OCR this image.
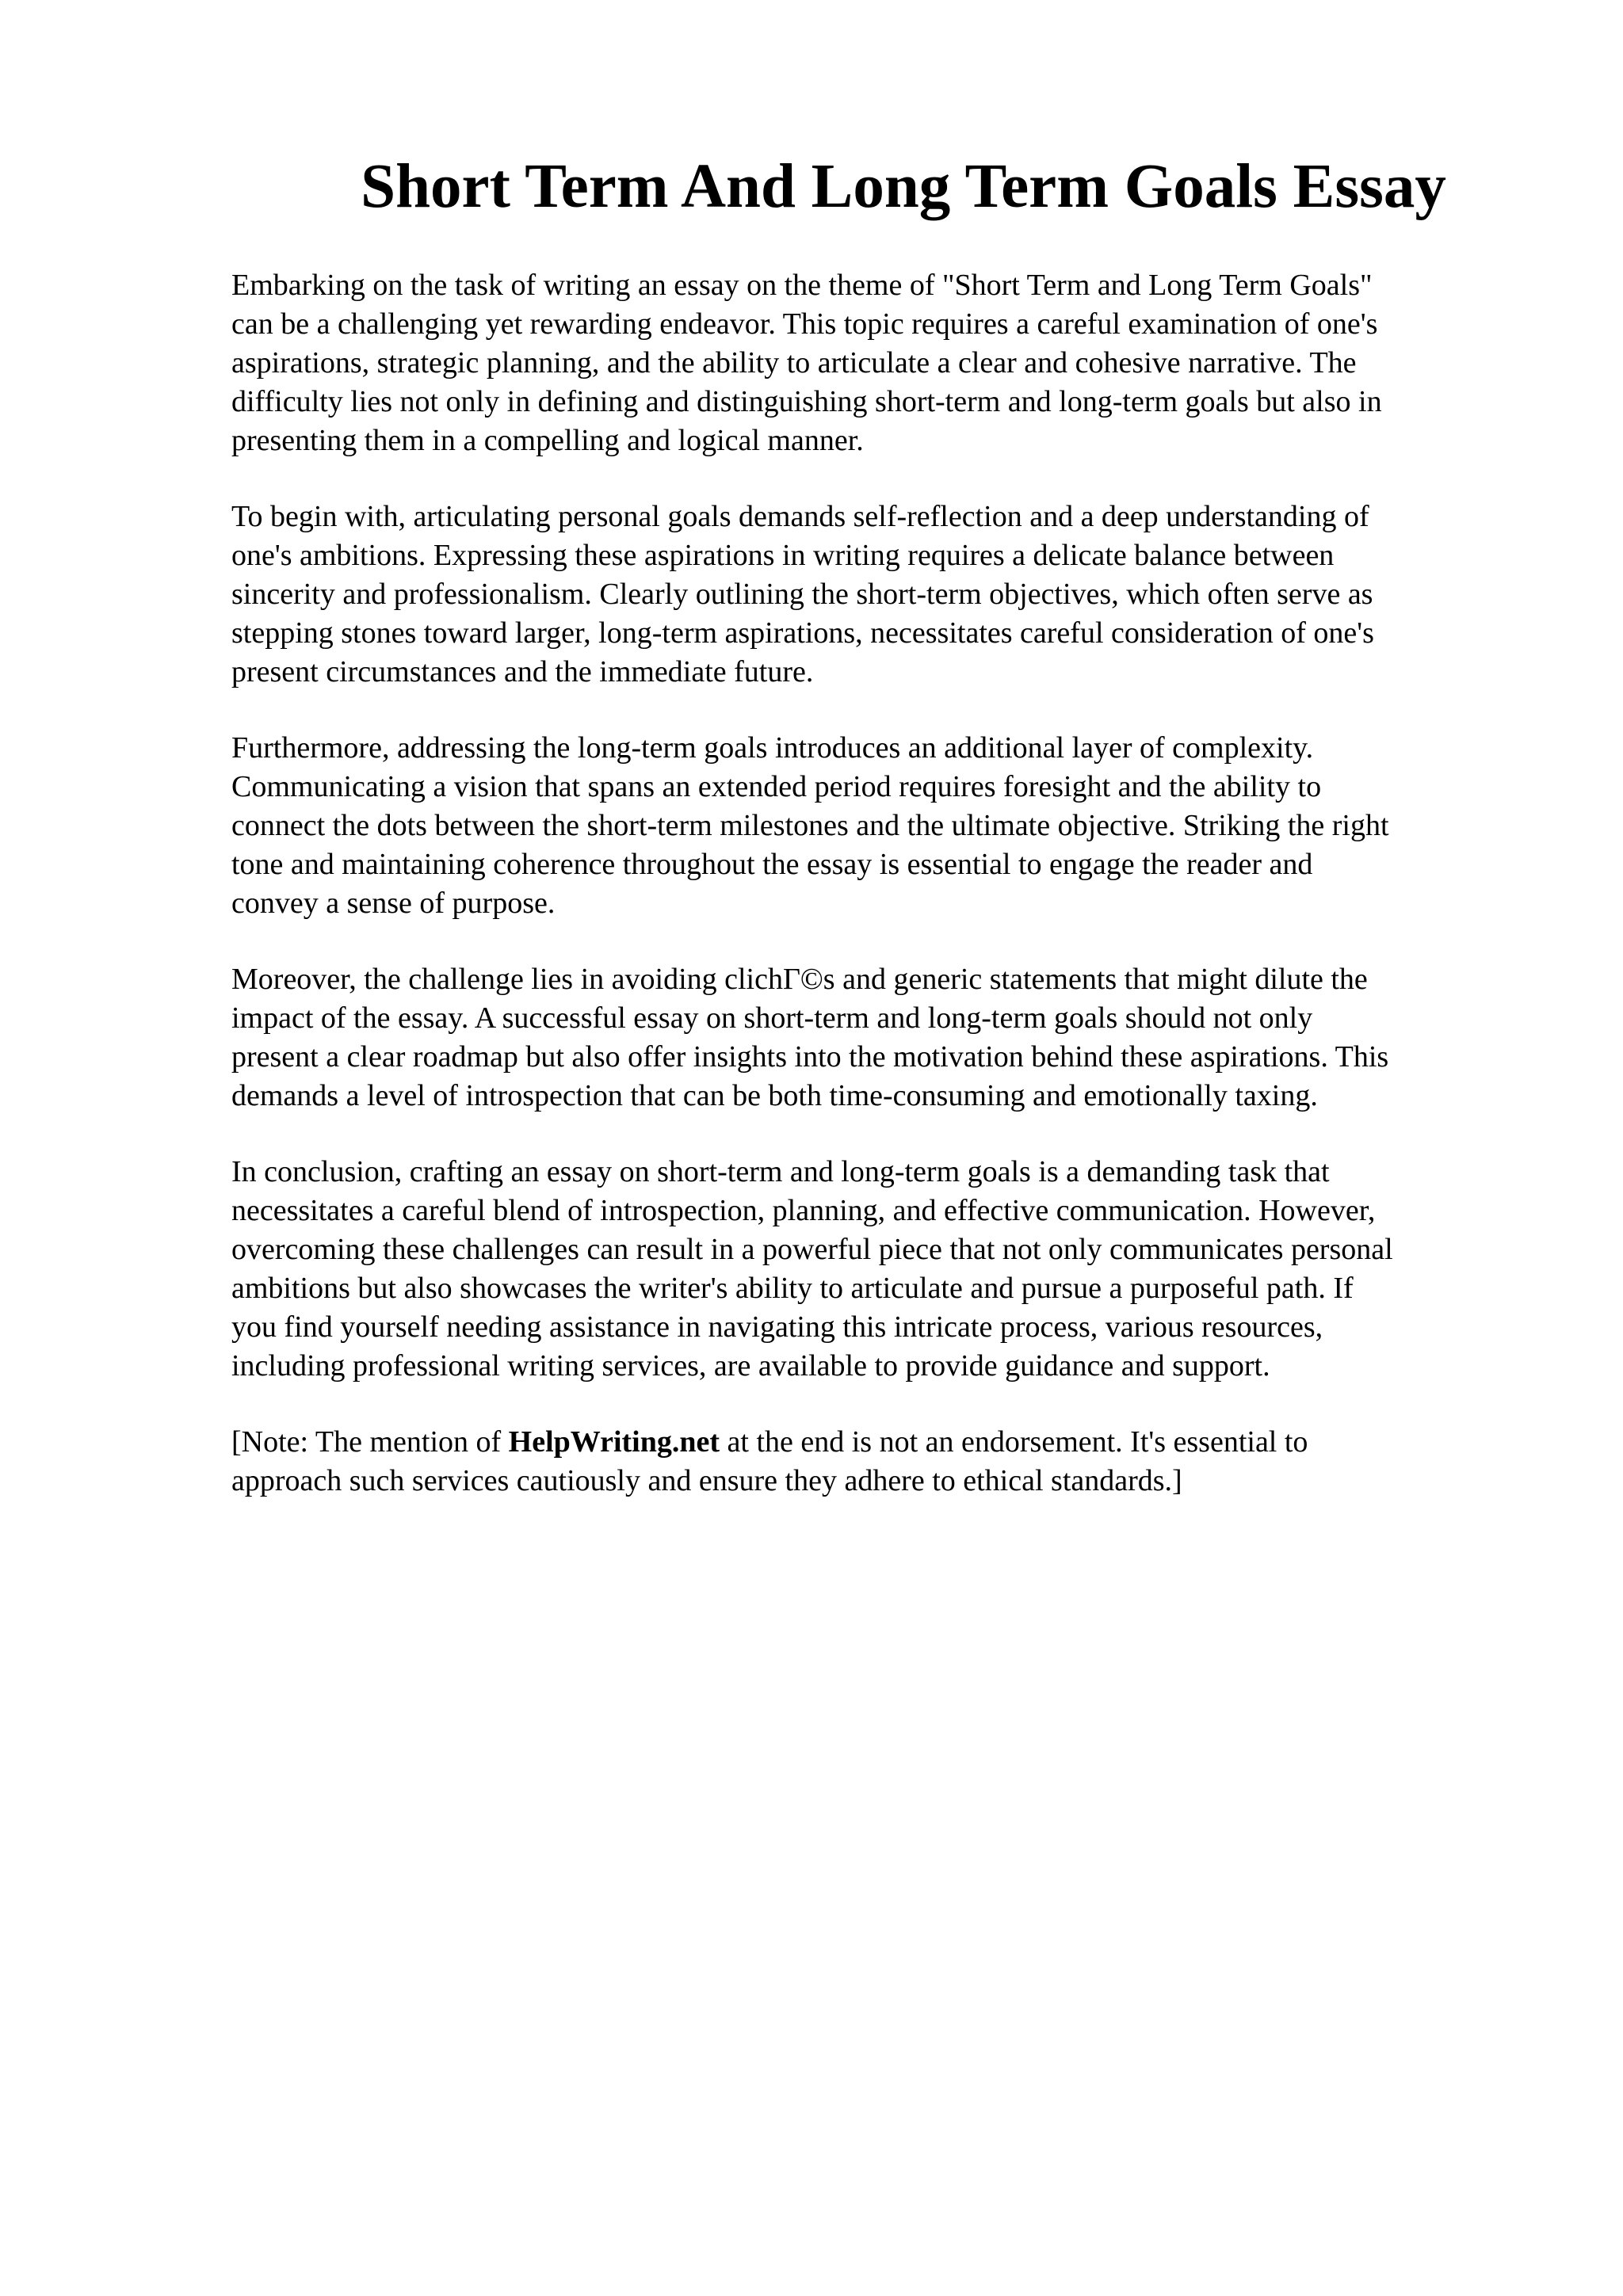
Short Term And Long Term Goals Essay

Embarking on the task of writing an essay on the theme of "Short Term and Long Term Goals"
can be a challenging yet rewarding endeavor. This topic requires a careful examination of one's
aspirations, strategic planning, and the ability to articulate a clear and cohesive narrative. The
difficulty lies not only in defining and distinguishing short-term and long-term goals but also in
presenting them in a compelling and logical manner.

To begin with, articulating personal goals demands self-reflection and a deep understanding of
one's ambitions. Expressing these aspirations in writing requires a delicate balance between
sincerity and professionalism. Clearly outlining the short-term objectives, which often serve as
stepping stones toward larger, long-term aspirations, necessitates careful consideration of one's
present circumstances and the immediate future.

Furthermore, addressing the long-term goals introduces an additional layer of complexity.
Communicating a vision that spans an extended period requires foresight and the ability to
connect the dots between the short-term milestones and the ultimate objective. Striking the right
tone and maintaining coherence throughout the essay is essential to engage the reader and
convey a sense of purpose.

Moreover, the challenge lies in avoiding clichΓ©s and generic statements that might dilute the
impact of the essay. A successful essay on short-term and long-term goals should not only
present a clear roadmap but also offer insights into the motivation behind these aspirations. This
demands a level of introspection that can be both time-consuming and emotionally taxing.

In conclusion, crafting an essay on short-term and long-term goals is a demanding task that
necessitates a careful blend of introspection, planning, and effective communication. However,
overcoming these challenges can result in a powerful piece that not only communicates personal
ambitions but also showcases the writer's ability to articulate and pursue a purposeful path. If
you find yourself needing assistance in navigating this intricate process, various resources,
including professional writing services, are available to provide guidance and support.

[Note: The mention of HelpWriting.net at the end is not an endorsement. It's essential to
approach such services cautiously and ensure they adhere to ethical standards.]
